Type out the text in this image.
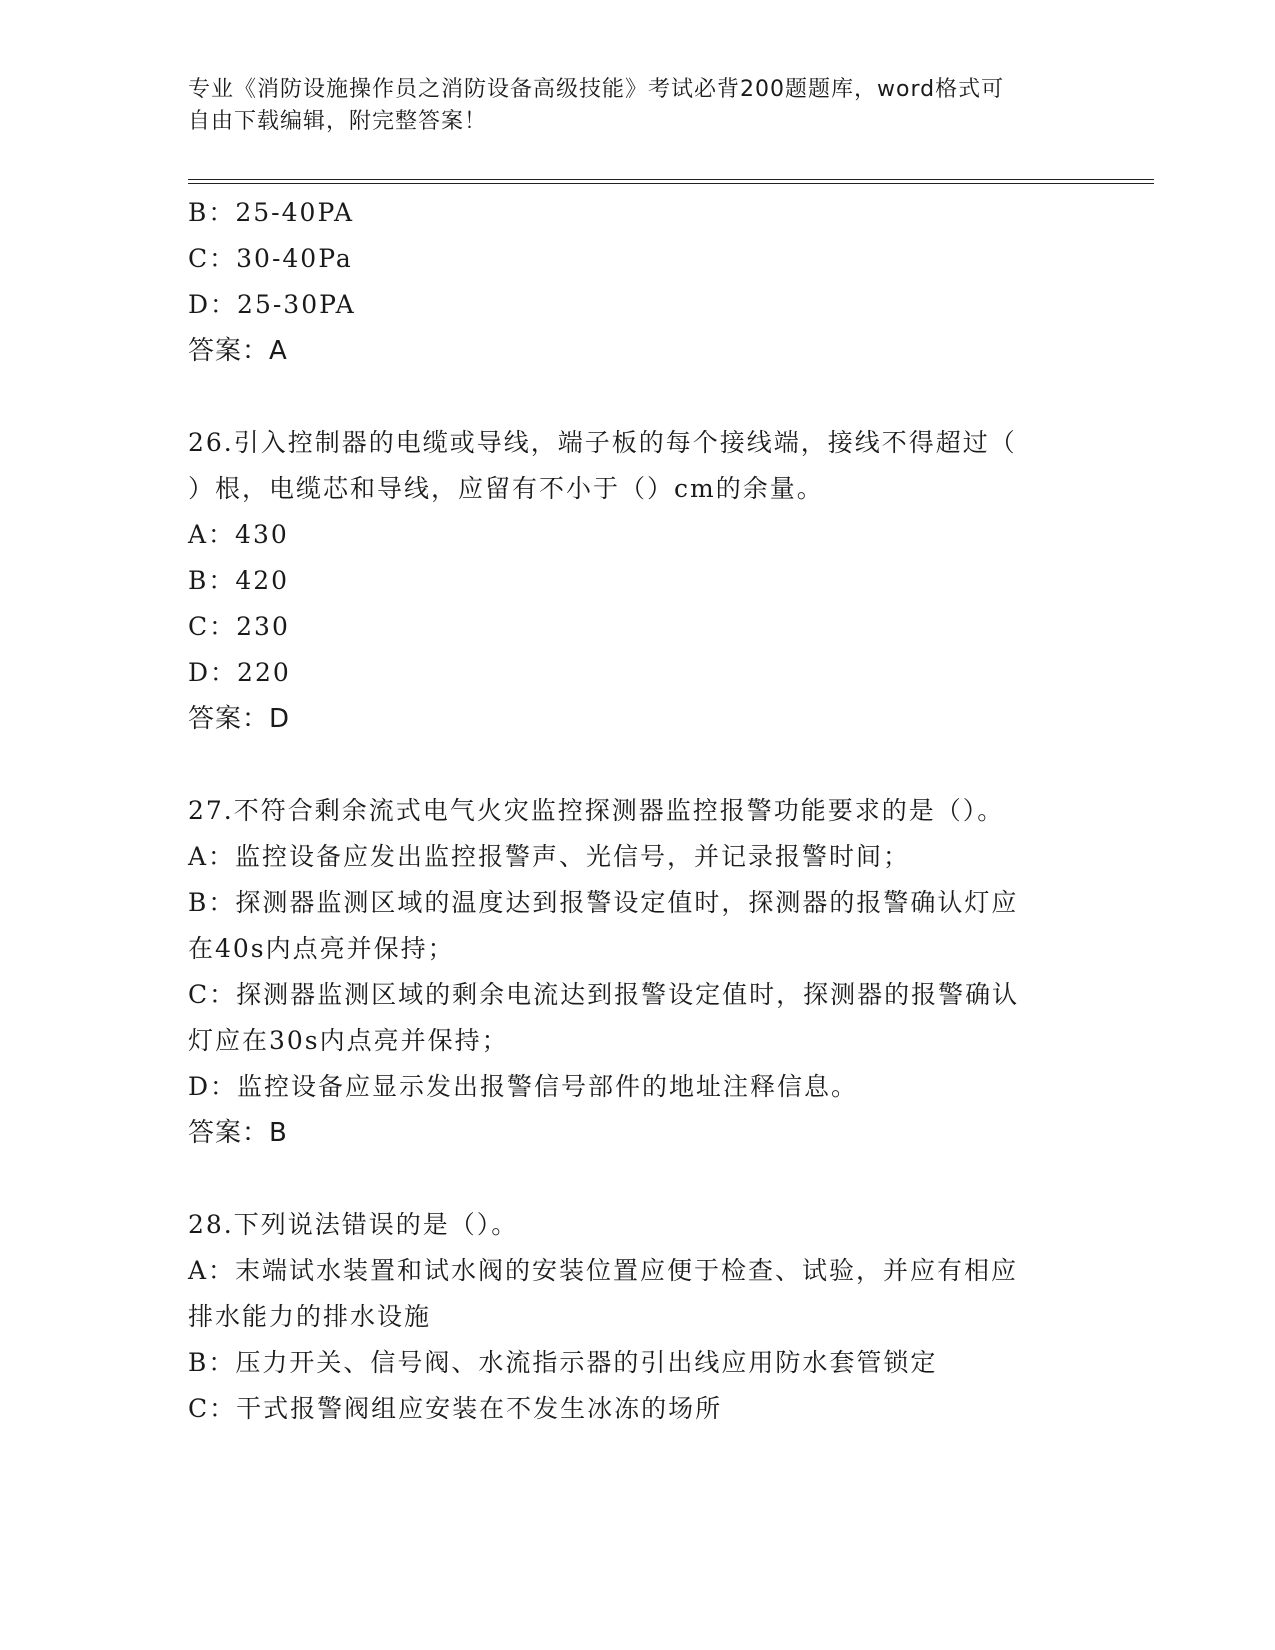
专业《消防设施操作员之消防设备高级技能》考试必背200题题库，word格式可
自由下载编辑，附完整答案！
B：25-40PA
C：30-40Pa
D：25-30PA
答案：A
26.引入控制器的电缆或导线，端子板的每个接线端，接线不得超过（
）根，电缆芯和导线，应留有不小于（）cm的余量。
A：430
B：420
C：230
D：220
答案：D
27.不符合剩余流式电气火灾监控探测器监控报警功能要求的是（）。
A：监控设备应发出监控报警声、光信号，并记录报警时间；
B：探测器监测区域的温度达到报警设定值时，探测器的报警确认灯应
在40s内点亮并保持；
C：探测器监测区域的剩余电流达到报警设定值时，探测器的报警确认
灯应在30s内点亮并保持；
D：监控设备应显示发出报警信号部件的地址注释信息。
答案：B
28.下列说法错误的是（）。
A：末端试水装置和试水阀的安装位置应便于检查、试验，并应有相应
排水能力的排水设施
B：压力开关、信号阀、水流指示器的引出线应用防水套管锁定
C：干式报警阀组应安装在不发生冰冻的场所
